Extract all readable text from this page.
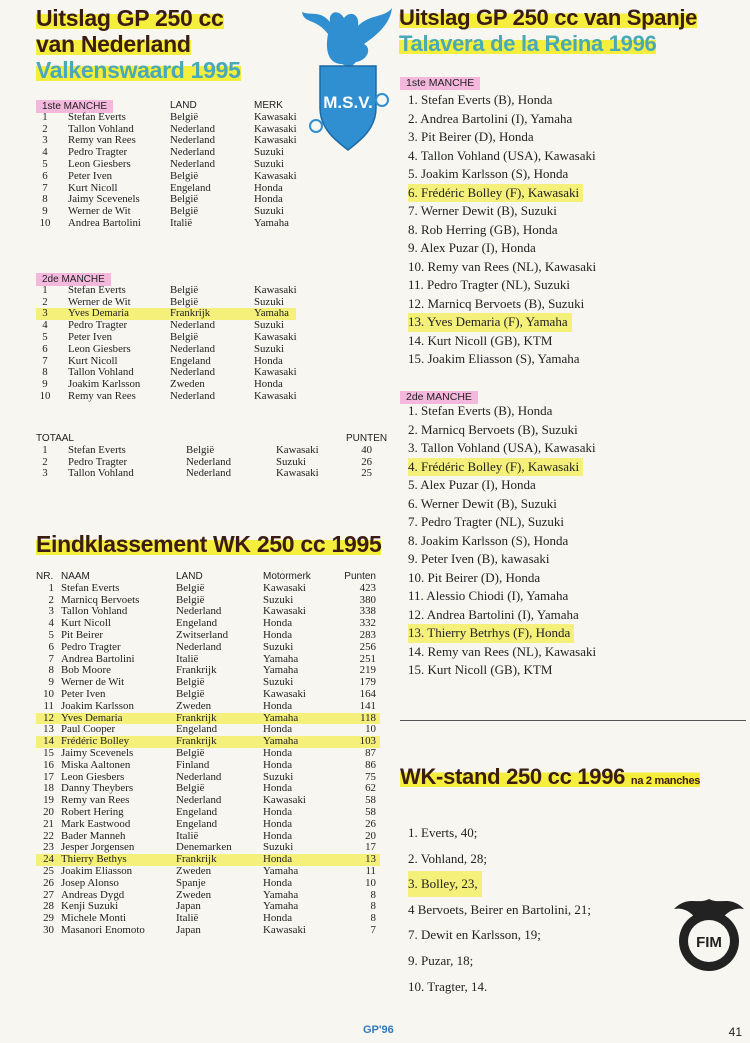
Uitslag GP 250 cc
van Nederland
Valkenswaard 1995
M.S.V.
1ste MANCHE	LAND	MERK
1	Stefan Everts	België	Kawasaki
2	Tallon Vohland	Nederland	Kawasaki
3	Remy van Rees	Nederland	Kawasaki
4	Pedro Tragter	Nederland	Suzuki
5	Leon Giesbers	Nederland	Suzuki
6	Peter Iven	België	Kawasaki
7	Kurt Nicoll	Engeland	Honda
8	Jaimy Scevenels	België	Honda
9	Werner de Wit	België	Suzuki
10	Andrea Bartolini	Italië	Yamaha
2de MANCHE
1	Stefan Everts	België	Kawasaki
2	Werner de Wit	België	Suzuki
3	Yves Demaria	Frankrijk	Yamaha
4	Pedro Tragter	Nederland	Suzuki
5	Peter Iven	België	Kawasaki
6	Leon Giesbers	Nederland	Suzuki
7	Kurt Nicoll	Engeland	Honda
8	Tallon Vohland	Nederland	Kawasaki
9	Joakim Karlsson	Zweden	Honda
10	Remy van Rees	Nederland	Kawasaki
TOTAAL	PUNTEN
1	Stefan Everts	België	Kawasaki	40
2	Pedro Tragter	Nederland	Suzuki	26
3	Tallon Vohland	Nederland	Kawasaki	25
Eindklassement WK 250 cc 1995
NR. NAAM	LAND	Motormerk	Punten
1 Stefan Everts	België	Kawasaki	423
2 Marnicq Bervoets	België	Suzuki	380
3 Tallon Vohland	Nederland	Kawasaki	338
4 Kurt Nicoll	Engeland	Honda	332
5 Pit Beirer	Zwitserland	Honda	283
6 Pedro Tragter	Nederland	Suzuki	256
7 Andrea Bartolini	Italië	Yamaha	251
8 Bob Moore	Frankrijk	Yamaha	219
9 Werner de Wit	België	Suzuki	179
10 Peter Iven	België	Kawasaki	164
11 Joakim Karlsson	Zweden	Honda	141
12 Yves Demaria	Frankrijk	Yamaha	118
13 Paul Cooper	Engeland	Honda	10
14 Frédéric Bolley	Frankrijk	Yamaha	103
15 Jaimy Scevenels	België	Honda	87
16 Miska Aaltonen	Finland	Honda	86
17 Leon Giesbers	Nederland	Suzuki	75
18 Danny Theybers	België	Honda	62
19 Remy van Rees	Nederland	Kawasaki	58
20 Robert Hering	Engeland	Honda	58
21 Mark Eastwood	Engeland	Honda	26
22 Bader Manneh	Italië	Honda	20
23 Jesper Jorgensen	Denemarken	Suzuki	17
24 Thierry Bethys	Frankrijk	Honda	13
25 Joakim Eliasson	Zweden	Yamaha	11
26 Josep Alonso	Spanje	Honda	10
27 Andreas Dygd	Zweden	Yamaha	8
28 Kenji Suzuki	Japan	Yamaha	8
29 Michele Monti	Italië	Honda	8
30 Masanori Enomoto	Japan	Kawasaki	7
Uitslag GP 250 cc van Spanje
Talavera de la Reina 1996
1ste MANCHE
1. Stefan Everts (B), Honda
2. Andrea Bartolini (I), Yamaha
3. Pit Beirer (D), Honda
4. Tallon Vohland (USA), Kawasaki
5. Joakim Karlsson (S), Honda
6. Frédéric Bolley (F), Kawasaki
7. Werner Dewit (B), Suzuki
8. Rob Herring (GB), Honda
9. Alex Puzar (I), Honda
10. Remy van Rees (NL), Kawasaki
11. Pedro Tragter (NL), Suzuki
12. Marnicq Bervoets (B), Suzuki
13. Yves Demaria (F), Yamaha
14. Kurt Nicoll (GB), KTM
15. Joakim Eliasson (S), Yamaha
2de MANCHE
1. Stefan Everts (B), Honda
2. Marnicq Bervoets (B), Suzuki
3. Tallon Vohland (USA), Kawasaki
4. Frédéric Bolley (F), Kawasaki
5. Alex Puzar (I), Honda
6. Werner Dewit (B), Suzuki
7. Pedro Tragter (NL), Suzuki
8. Joakim Karlsson (S), Honda
9. Peter Iven (B), kawasaki
10. Pit Beirer (D), Honda
11. Alessio Chiodi (I), Yamaha
12. Andrea Bartolini (I), Yamaha
13. Thierry Betrhys (F), Honda
14. Remy van Rees (NL), Kawasaki
15. Kurt Nicoll (GB), KTM
WK-stand 250 cc 1996 na 2 manches
1. Everts, 40;
2. Vohland, 28;
3. Bolley, 23,
4 Bervoets, Beirer en Bartolini, 21;
7. Dewit en Karlsson, 19;
9. Puzar, 18;
10. Tragter, 14.
FIM
GP'96	41
